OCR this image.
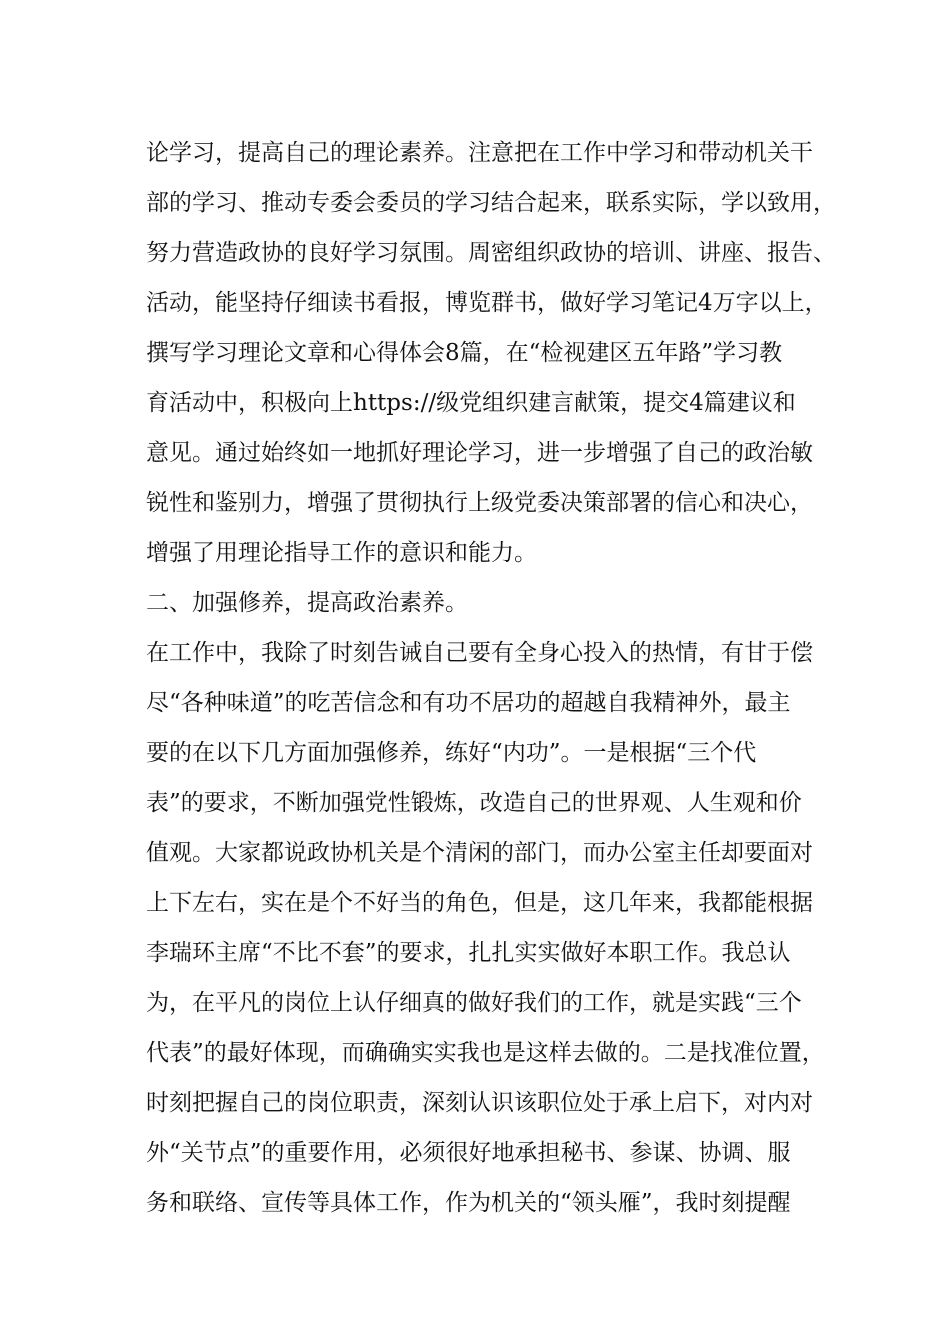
论学习，提高自己的理论素养。注意把在工作中学习和带动机关干
部的学习、推动专委会委员的学习结合起来，联系实际，学以致用，
努力营造政协的良好学习氛围。周密组织政协的培训、讲座、报告、
活动，能坚持仔细读书看报，博览群书，做好学习笔记4万字以上，
撰写学习理论文章和心得体会8篇，在“检视建区五年路”学习教
育活动中，积极向上https://级党组织建言献策，提交4篇建议和
意见。通过始终如一地抓好理论学习，进一步增强了自己的政治敏
锐性和鉴别力，增强了贯彻执行上级党委决策部署的信心和决心，
增强了用理论指导工作的意识和能力。
二、加强修养，提高政治素养。
在工作中，我除了时刻告诫自己要有全身心投入的热情，有甘于偿
尽“各种味道”的吃苦信念和有功不居功的超越自我精神外，最主
要的在以下几方面加强修养，练好“内功”。一是根据“三个代
表”的要求，不断加强党性锻炼，改造自己的世界观、人生观和价
值观。大家都说政协机关是个清闲的部门，而办公室主任却要面对
上下左右，实在是个不好当的角色，但是，这几年来，我都能根据
李瑞环主席“不比不套”的要求，扎扎实实做好本职工作。我总认
为，在平凡的岗位上认仔细真的做好我们的工作，就是实践“三个
代表”的最好体现，而确确实实我也是这样去做的。二是找准位置，
时刻把握自己的岗位职责，深刻认识该职位处于承上启下，对内对
外“关节点”的重要作用，必须很好地承担秘书、参谋、协调、服
务和联络、宣传等具体工作，作为机关的“领头雁”，我时刻提醒
